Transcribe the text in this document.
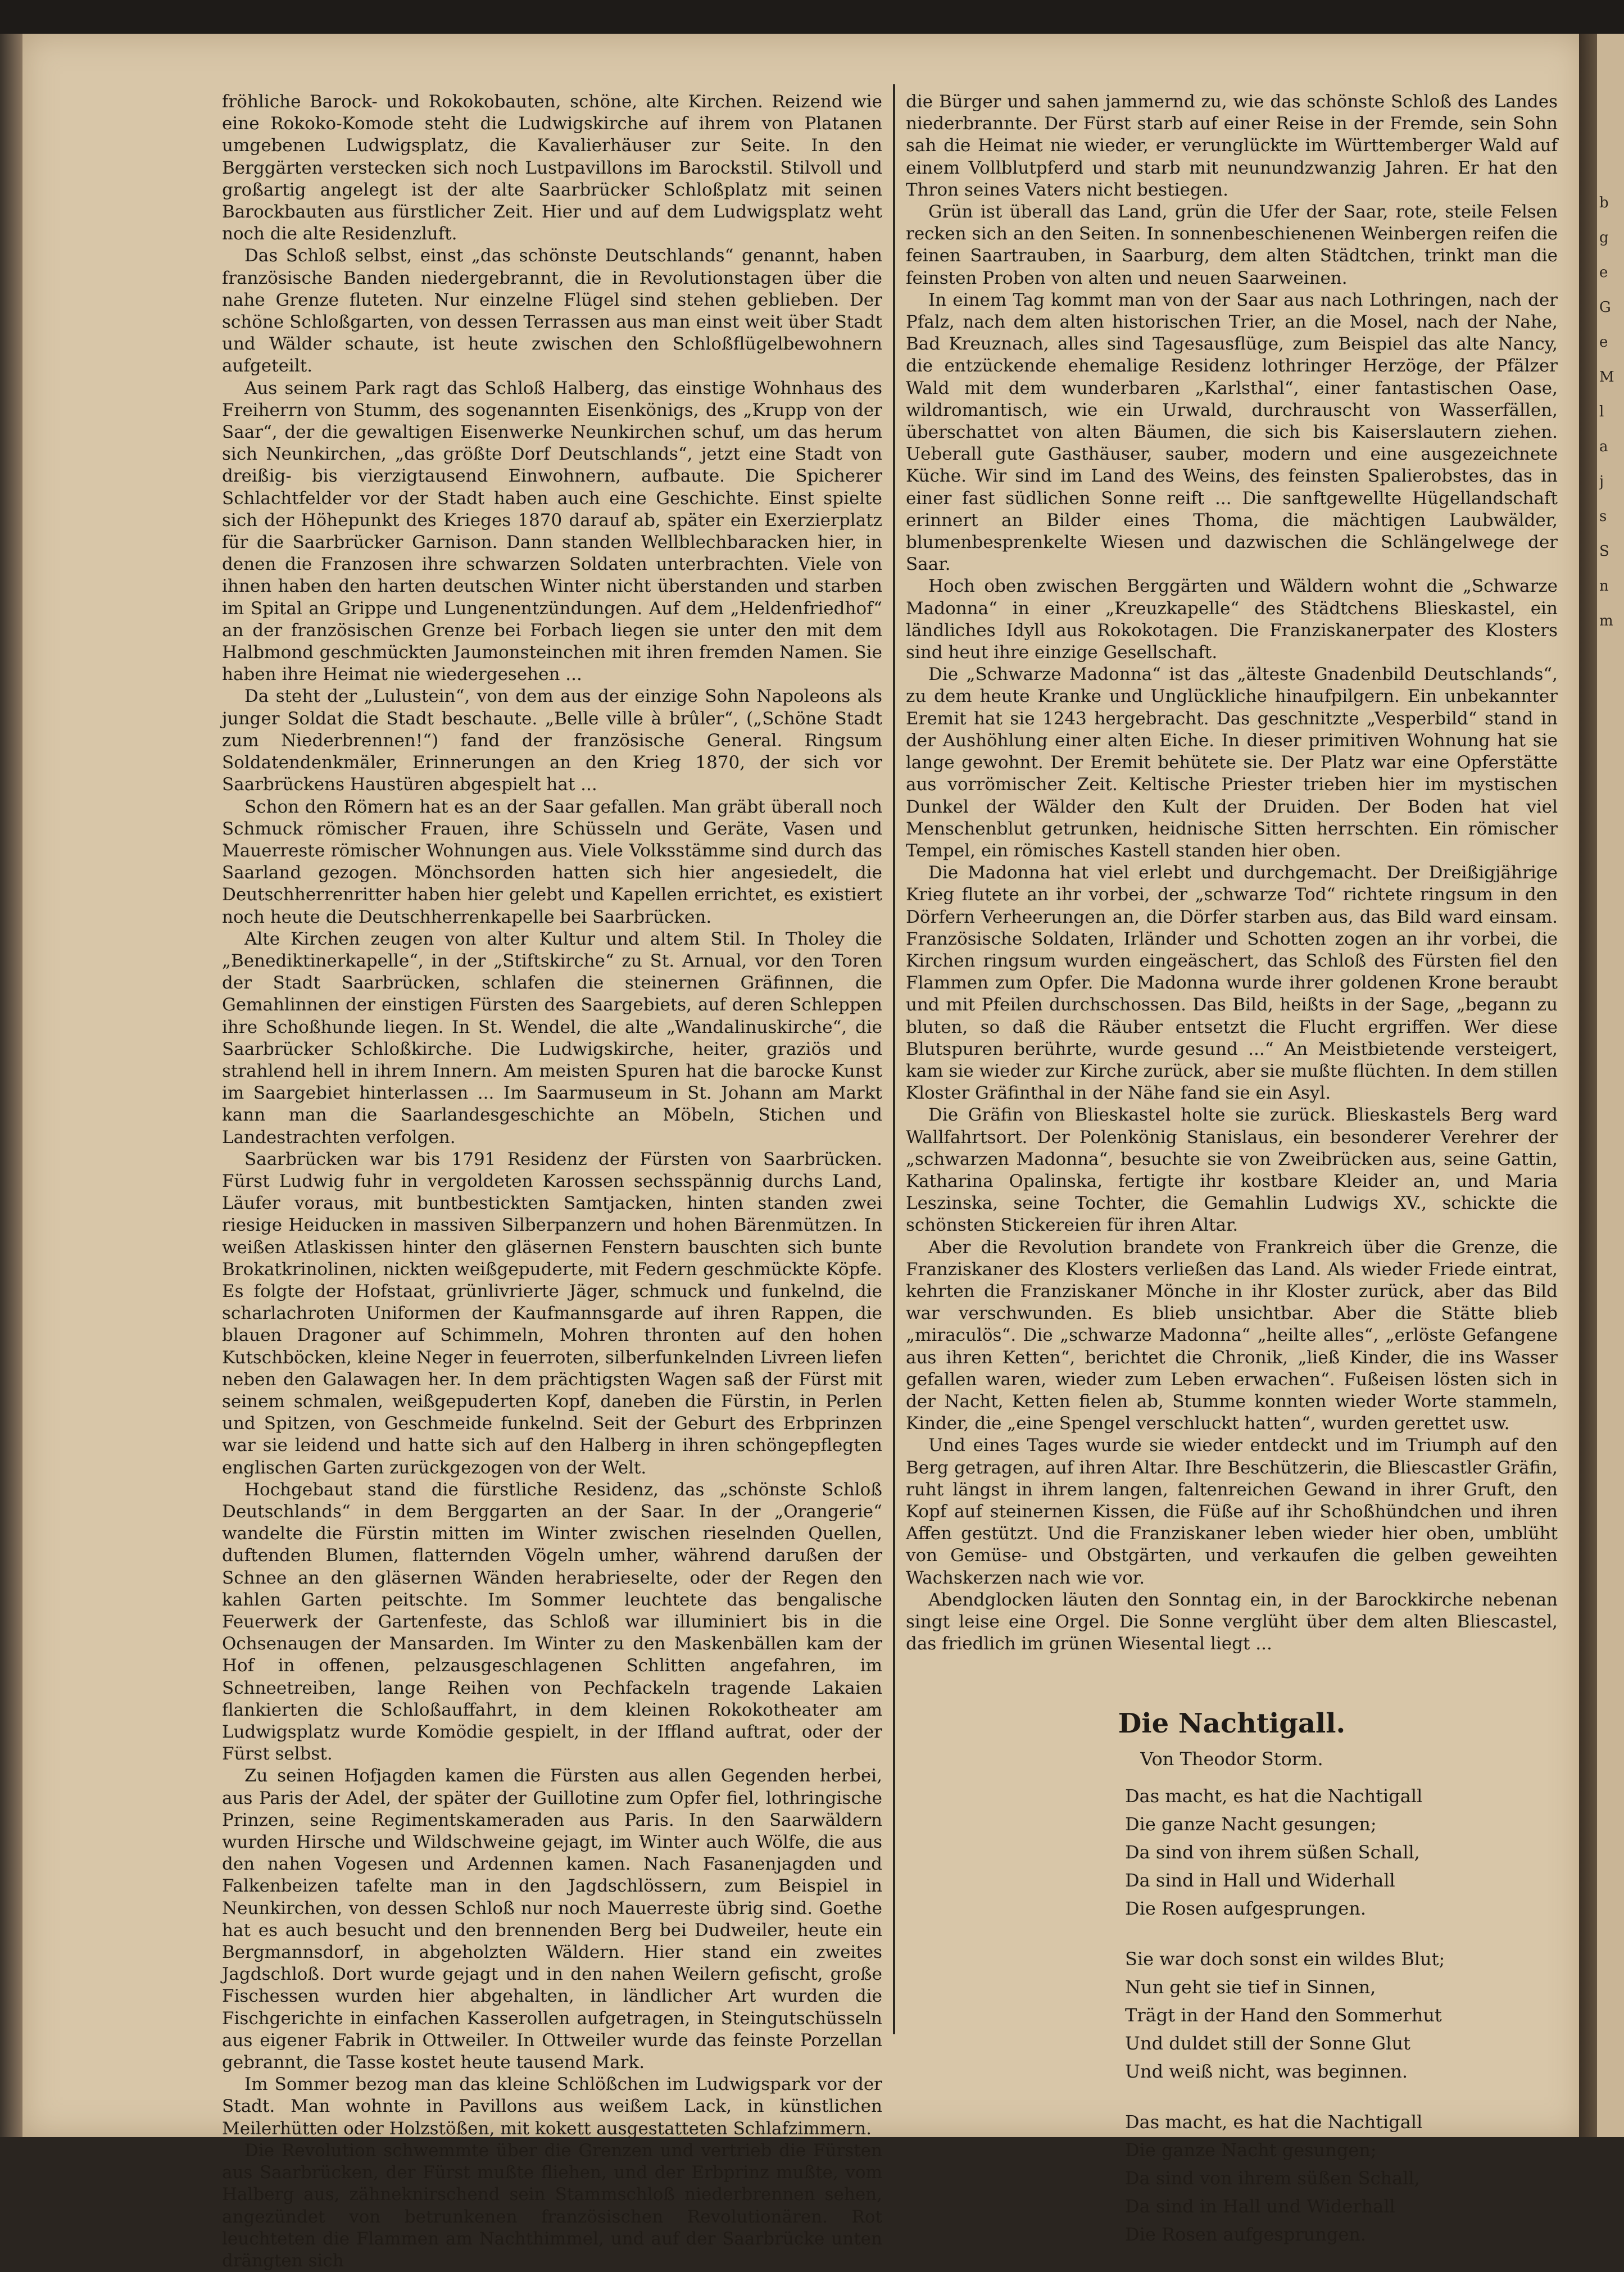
b
g
e
G
e
M
l
a
j
s
S
n
m

fröhliche Barock- und Rokokobauten, schöne, alte Kirchen. Reizend wie eine Rokoko-Komode steht die Ludwigskirche auf ihrem von Platanen umgebenen Ludwigsplatz, die Kavalierhäuser zur Seite. In den Berggärten verstecken sich noch Lustpavillons im Barockstil. Stilvoll und großartig angelegt ist der alte Saarbrücker Schloßplatz mit seinen Barockbauten aus fürstlicher Zeit. Hier und auf dem Ludwigsplatz weht noch die alte Residenzluft.

Das Schloß selbst, einst „das schönste Deutschlands“ genannt, haben französische Banden niedergebrannt, die in Revolutionstagen über die nahe Grenze fluteten. Nur einzelne Flügel sind stehen geblieben. Der schöne Schloßgarten, von dessen Terrassen aus man einst weit über Stadt und Wälder schaute, ist heute zwischen den Schloßflügelbewohnern aufgeteilt.

Aus seinem Park ragt das Schloß Halberg, das einstige Wohnhaus des Freiherrn von Stumm, des sogenannten Eisenkönigs, des „Krupp von der Saar“, der die gewaltigen Eisenwerke Neunkirchen schuf, um das herum sich Neunkirchen, „das größte Dorf Deutschlands“, jetzt eine Stadt von dreißig- bis vierzigtausend Einwohnern, aufbaute. Die Spicherer Schlachtfelder vor der Stadt haben auch eine Geschichte. Einst spielte sich der Höhepunkt des Krieges 1870 darauf ab, später ein Exerzierplatz für die Saarbrücker Garnison. Dann standen Wellblechbaracken hier, in denen die Franzosen ihre schwarzen Soldaten unterbrachten. Viele von ihnen haben den harten deutschen Winter nicht überstanden und starben im Spital an Grippe und Lungenentzündungen. Auf dem „Heldenfriedhof“ an der französischen Grenze bei Forbach liegen sie unter den mit dem Halbmond geschmückten Jaumonsteinchen mit ihren fremden Namen. Sie haben ihre Heimat nie wiedergesehen ...

Da steht der „Lulustein“, von dem aus der einzige Sohn Napoleons als junger Soldat die Stadt beschaute. „Belle ville à brûler“, („Schöne Stadt zum Niederbrennen!“) fand der französische General. Ringsum Soldatendenkmäler, Erinnerungen an den Krieg 1870, der sich vor Saarbrückens Haustüren abgespielt hat ...

Schon den Römern hat es an der Saar gefallen. Man gräbt überall noch Schmuck römischer Frauen, ihre Schüsseln und Geräte, Vasen und Mauerreste römischer Wohnungen aus. Viele Volksstämme sind durch das Saarland gezogen. Mönchsorden hatten sich hier angesiedelt, die Deutschherrenritter haben hier gelebt und Kapellen errichtet, es existiert noch heute die Deutschherrenkapelle bei Saarbrücken.

Alte Kirchen zeugen von alter Kultur und altem Stil. In Tholey die „Benediktinerkapelle“, in der „Stiftskirche“ zu St. Arnual, vor den Toren der Stadt Saarbrücken, schlafen die steinernen Gräfinnen, die Gemahlinnen der einstigen Fürsten des Saargebiets, auf deren Schleppen ihre Schoßhunde liegen. In St. Wendel, die alte „Wandalinuskirche“, die Saarbrücker Schloßkirche. Die Ludwigskirche, heiter, graziös und strahlend hell in ihrem Innern. Am meisten Spuren hat die barocke Kunst im Saargebiet hinterlassen ... Im Saarmuseum in St. Johann am Markt kann man die Saarlandesgeschichte an Möbeln, Stichen und Landestrachten verfolgen.

Saarbrücken war bis 1791 Residenz der Fürsten von Saarbrücken. Fürst Ludwig fuhr in vergoldeten Karossen sechsspännig durchs Land, Läufer voraus, mit buntbestickten Samtjacken, hinten standen zwei riesige Heiducken in massiven Silberpanzern und hohen Bärenmützen. In weißen Atlaskissen hinter den gläsernen Fenstern bauschten sich bunte Brokatkrinolinen, nickten weißgepuderte, mit Federn geschmückte Köpfe. Es folgte der Hofstaat, grünlivrierte Jäger, schmuck und funkelnd, die scharlachroten Uniformen der Kaufmannsgarde auf ihren Rappen, die blauen Dragoner auf Schimmeln, Mohren thronten auf den hohen Kutschböcken, kleine Neger in feuerroten, silberfunkelnden Livreen liefen neben den Galawagen her. In dem prächtigsten Wagen saß der Fürst mit seinem schmalen, weißgepuderten Kopf, daneben die Fürstin, in Perlen und Spitzen, von Geschmeide funkelnd. Seit der Geburt des Erbprinzen war sie leidend und hatte sich auf den Halberg in ihren schöngepflegten englischen Garten zurückgezogen von der Welt.

Hochgebaut stand die fürstliche Residenz, das „schönste Schloß Deutschlands“ in dem Berggarten an der Saar. In der „Orangerie“ wandelte die Fürstin mitten im Winter zwischen rieselnden Quellen, duftenden Blumen, flatternden Vögeln umher, während darußen der Schnee an den gläsernen Wänden herabrieselte, oder der Regen den kahlen Garten peitschte. Im Sommer leuchtete das bengalische Feuerwerk der Gartenfeste, das Schloß war illuminiert bis in die Ochsenaugen der Mansarden. Im Winter zu den Maskenbällen kam der Hof in offenen, pelzausgeschlagenen Schlitten angefahren, im Schneetreiben, lange Reihen von Pechfackeln tragende Lakaien flankierten die Schloßauffahrt, in dem kleinen Rokokotheater am Ludwigsplatz wurde Komödie gespielt, in der Iffland auftrat, oder der Fürst selbst.

Zu seinen Hofjagden kamen die Fürsten aus allen Gegenden herbei, aus Paris der Adel, der später der Guillotine zum Opfer fiel, lothringische Prinzen, seine Regimentskameraden aus Paris. In den Saarwäldern wurden Hirsche und Wildschweine gejagt, im Winter auch Wölfe, die aus den nahen Vogesen und Ardennen kamen. Nach Fasanenjagden und Falkenbeizen tafelte man in den Jagdschlössern, zum Beispiel in Neunkirchen, von dessen Schloß nur noch Mauerreste übrig sind. Goethe hat es auch besucht und den brennenden Berg bei Dudweiler, heute ein Bergmannsdorf, in abgeholzten Wäldern. Hier stand ein zweites Jagdschloß. Dort wurde gejagt und in den nahen Weilern gefischt, große Fischessen wurden hier abgehalten, in ländlicher Art wurden die Fischgerichte in einfachen Kasserollen aufgetragen, in Steingutschüsseln aus eigener Fabrik in Ottweiler. In Ottweiler wurde das feinste Porzellan gebrannt, die Tasse kostet heute tausend Mark.

Im Sommer bezog man das kleine Schlößchen im Ludwigspark vor der Stadt. Man wohnte in Pavillons aus weißem Lack, in künstlichen Meilerhütten oder Holzstößen, mit kokett ausgestatteten Schlafzimmern.

Die Revolution schwemmte über die Grenzen und vertrieb die Fürsten aus Saarbrücken, der Fürst mußte fliehen, und der Erbprinz mußte, vom Halberg aus, zähneknirschend sein Stammschloß niederbrennen sehen, angezündet von betrunkenen französischen Revolutionären. Rot leuchteten die Flammen am Nachthimmel, und auf der Saarbrücke unten drängten sich

die Bürger und sahen jammernd zu, wie das schönste Schloß des Landes niederbrannte. Der Fürst starb auf einer Reise in der Fremde, sein Sohn sah die Heimat nie wieder, er verunglückte im Württemberger Wald auf einem Vollblutpferd und starb mit neunundzwanzig Jahren. Er hat den Thron seines Vaters nicht bestiegen.

Grün ist überall das Land, grün die Ufer der Saar, rote, steile Felsen recken sich an den Seiten. In sonnenbeschienenen Weinbergen reifen die feinen Saartrauben, in Saarburg, dem alten Städtchen, trinkt man die feinsten Proben von alten und neuen Saarweinen.

In einem Tag kommt man von der Saar aus nach Lothringen, nach der Pfalz, nach dem alten historischen Trier, an die Mosel, nach der Nahe, Bad Kreuznach, alles sind Tagesausflüge, zum Beispiel das alte Nancy, die entzückende ehemalige Residenz lothringer Herzöge, der Pfälzer Wald mit dem wunderbaren „Karlsthal“, einer fantastischen Oase, wildromantisch, wie ein Urwald, durchrauscht von Wasserfällen, überschattet von alten Bäumen, die sich bis Kaiserslautern ziehen. Ueberall gute Gasthäuser, sauber, modern und eine ausgezeichnete Küche. Wir sind im Land des Weins, des feinsten Spalierobstes, das in einer fast südlichen Sonne reift ... Die sanftgewellte Hügellandschaft erinnert an Bilder eines Thoma, die mächtigen Laubwälder, blumenbesprenkelte Wiesen und dazwischen die Schlängelwege der Saar.

Hoch oben zwischen Berggärten und Wäldern wohnt die „Schwarze Madonna“ in einer „Kreuzkapelle“ des Städtchens Blieskastel, ein ländliches Idyll aus Rokokotagen. Die Franziskanerpater des Klosters sind heut ihre einzige Gesellschaft.

Die „Schwarze Madonna“ ist das „älteste Gnadenbild Deutschlands“, zu dem heute Kranke und Unglückliche hinaufpilgern. Ein unbekannter Eremit hat sie 1243 hergebracht. Das geschnitzte „Vesperbild“ stand in der Aushöhlung einer alten Eiche. In dieser primitiven Wohnung hat sie lange gewohnt. Der Eremit behütete sie. Der Platz war eine Opferstätte aus vorrömischer Zeit. Keltische Priester trieben hier im mystischen Dunkel der Wälder den Kult der Druiden. Der Boden hat viel Menschenblut getrunken, heidnische Sitten herrschten. Ein römischer Tempel, ein römisches Kastell standen hier oben.

Die Madonna hat viel erlebt und durchgemacht. Der Dreißigjährige Krieg flutete an ihr vorbei, der „schwarze Tod“ richtete ringsum in den Dörfern Verheerungen an, die Dörfer starben aus, das Bild ward einsam. Französische Soldaten, Irländer und Schotten zogen an ihr vorbei, die Kirchen ringsum wurden eingeäschert, das Schloß des Fürsten fiel den Flammen zum Opfer. Die Madonna wurde ihrer goldenen Krone beraubt und mit Pfeilen durchschossen. Das Bild, heißts in der Sage, „begann zu bluten, so daß die Räuber entsetzt die Flucht ergriffen. Wer diese Blutspuren berührte, wurde gesund ...“ An Meistbietende versteigert, kam sie wieder zur Kirche zurück, aber sie mußte flüchten. In dem stillen Kloster Gräfinthal in der Nähe fand sie ein Asyl.

Die Gräfin von Blieskastel holte sie zurück. Blieskastels Berg ward Wallfahrtsort. Der Polenkönig Stanislaus, ein besonderer Verehrer der „schwarzen Madonna“, besuchte sie von Zweibrücken aus, seine Gattin, Katharina Opalinska, fertigte ihr kostbare Kleider an, und Maria Leszinska, seine Tochter, die Gemahlin Ludwigs XV., schickte die schönsten Stickereien für ihren Altar.

Aber die Revolution brandete von Frankreich über die Grenze, die Franziskaner des Klosters verließen das Land. Als wieder Friede eintrat, kehrten die Franziskaner Mönche in ihr Kloster zurück, aber das Bild war verschwunden. Es blieb unsichtbar. Aber die Stätte blieb „miraculös“. Die „schwarze Madonna“ „heilte alles“, „erlöste Gefangene aus ihren Ketten“, berichtet die Chronik, „ließ Kinder, die ins Wasser gefallen waren, wieder zum Leben erwachen“. Fußeisen lösten sich in der Nacht, Ketten fielen ab, Stumme konnten wieder Worte stammeln, Kinder, die „eine Spengel verschluckt hatten“, wurden gerettet usw.

Und eines Tages wurde sie wieder entdeckt und im Triumph auf den Berg getragen, auf ihren Altar. Ihre Beschützerin, die Bliescastler Gräfin, ruht längst in ihrem langen, faltenreichen Gewand in ihrer Gruft, den Kopf auf steinernen Kissen, die Füße auf ihr Schoßhündchen und ihren Affen gestützt. Und die Franziskaner leben wieder hier oben, umblüht von Gemüse- und Obstgärten, und verkaufen die gelben geweihten Wachskerzen nach wie vor.

Abendglocken läuten den Sonntag ein, in der Barockkirche nebenan singt leise eine Orgel. Die Sonne verglüht über dem alten Bliescastel, das friedlich im grünen Wiesental liegt ...

Die Nachtigall.
Von Theodor Storm.
Das macht, es hat die Nachtigall
Die ganze Nacht gesungen;
Da sind von ihrem süßen Schall,
Da sind in Hall und Widerhall
Die Rosen aufgesprungen.
Sie war doch sonst ein wildes Blut;
Nun geht sie tief in Sinnen,
Trägt in der Hand den Sommerhut
Und duldet still der Sonne Glut
Und weiß nicht, was beginnen.
Das macht, es hat die Nachtigall
Die ganze Nacht gesungen;
Da sind von ihrem süßen Schall,
Da sind in Hall und Widerhall
Die Rosen aufgesprungen.
